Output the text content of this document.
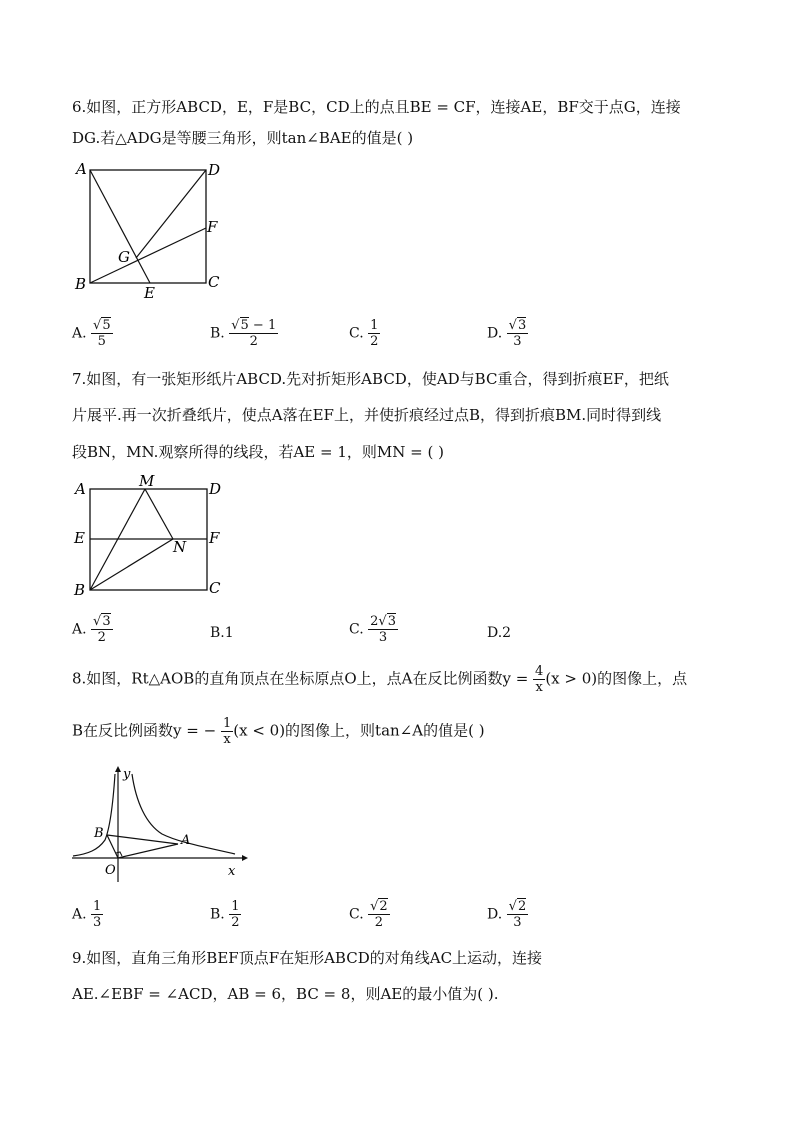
6.如图，正方形ABCD，E，F是BC，CD上的点且BE = CF，连接AE，BF交于点G，连接
DG.若△ADG是等腰三角形，则tan∠BAE的值是( )
A	D
F
G
B	E
C
A. $\frac{√5}{5}$	B. $\frac{√5 - 1}{2}$	C. $\frac{1}{2}$	D. $\frac{√3}{3}$
7.如图，有一张矩形纸片ABCD.先对折矩形ABCD，使AD与BC重合，得到折痕EF，把纸
片展平.再一次折叠纸片，使点A落在EF上，并使折痕经过点B，得到折痕BM.同时得到线
段BN，MN.观察所得的线段，若AE = 1，则MN = ( )
A	M	D
E	F
N
B	C
A. $\frac{√3}{2}$	B.1	C. $\frac{2√3}{3}$	D.2
8.如图，Rt△AOB的直角顶点在坐标原点O上，点A在反比例函数$y = \frac{4}{x} (x > 0)$的图像上，点
B在反比例函数y = − $\frac{1}{x} (x < 0)$的图像上，则tan∠A的值是( )
y
B	A
O	x
A. $\frac{1}{3}$	B. $\frac{1}{2}$	C. $\frac{√2}{2}$	D. $\frac{√2}{3}$
9.如图，直角三角形BEF顶点F在矩形ABCD的对角线AC上运动，连接
AE.∠EBF = ∠ACD，AB = 6，BC = 8，则AE的最小值为( ).
